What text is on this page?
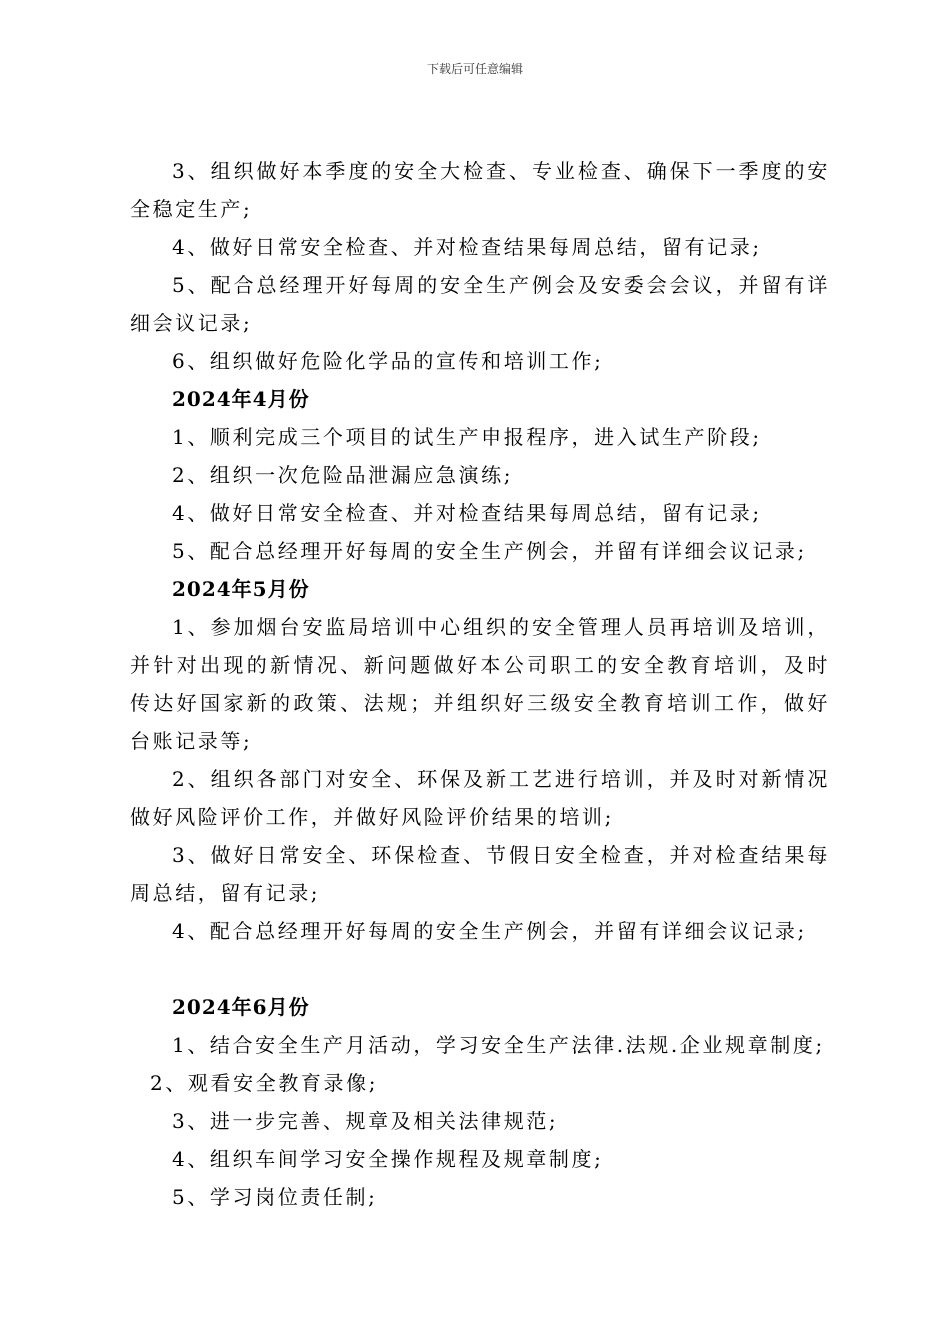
下载后可任意编辑

3、组织做好本季度的安全大检查、专业检查、确保下一季度的安全稳定生产;

4、做好日常安全检查、并对检查结果每周总结，留有记录;

5、配合总经理开好每周的安全生产例会及安委会会议，并留有详细会议记录;

6、组织做好危险化学品的宣传和培训工作;

2024年4月份

1、顺利完成三个项目的试生产申报程序，进入试生产阶段;

2、组织一次危险品泄漏应急演练;

4、做好日常安全检查、并对检查结果每周总结，留有记录;

5、配合总经理开好每周的安全生产例会，并留有详细会议记录;

2024年5月份

1、参加烟台安监局培训中心组织的安全管理人员再培训及培训，并针对出现的新情况、新问题做好本公司职工的安全教育培训，及时传达好国家新的政策、法规；并组织好三级安全教育培训工作，做好台账记录等;

2、组织各部门对安全、环保及新工艺进行培训，并及时对新情况做好风险评价工作，并做好风险评价结果的培训;

3、做好日常安全、环保检查、节假日安全检查，并对检查结果每周总结，留有记录;

4、配合总经理开好每周的安全生产例会，并留有详细会议记录;

2024年6月份

1、结合安全生产月活动，学习安全生产法律.法规.企业规章制度;

2、观看安全教育录像;

3、进一步完善、规章及相关法律规范;

4、组织车间学习安全操作规程及规章制度;

5、学习岗位责任制;
